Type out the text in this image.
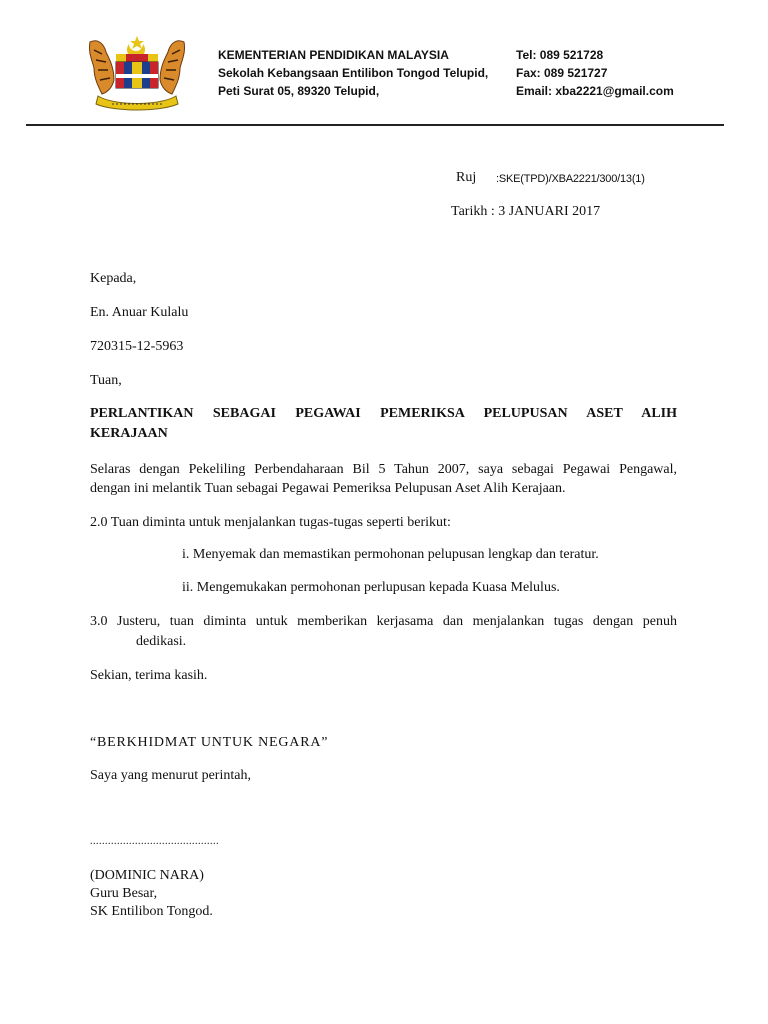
KEMENTERIAN PENDIDIKAN MALAYSIA
Sekolah Kebangsaan Entilibon Tongod Telupid,
Peti Surat 05, 89320 Telupid,
Tel: 089 521728
Fax: 089 521727
Email: xba2221@gmail.com
Ruj :SKE(TPD)/XBA2221/300/13(1)
Tarikh : 3 JANUARI 2017
Kepada,
En. Anuar Kulalu
720315-12-5963
Tuan,
PERLANTIKAN SEBAGAI PEGAWAI PEMERIKSA PELUPUSAN ASET ALIH
KERAJAAN
Selaras dengan Pekeliling Perbendaharaan Bil 5 Tahun 2007, saya sebagai Pegawai Pengawal,
dengan ini melantik Tuan sebagai Pegawai Pemeriksa Pelupusan Aset Alih Kerajaan.
2.0 Tuan diminta untuk menjalankan tugas-tugas seperti berikut:
i. Menyemak dan memastikan permohonan pelupusan lengkap dan teratur.
ii. Mengemukakan permohonan perlupusan kepada Kuasa Melulus.
3.0 Justeru, tuan diminta untuk memberikan kerjasama dan menjalankan tugas dengan penuh
dedikasi.
Sekian, terima kasih.
“BERKHIDMAT UNTUK NEGARA”
Saya yang menurut perintah,
...........................................
(DOMINIC NARA)
Guru Besar,
SK Entilibon Tongod.
